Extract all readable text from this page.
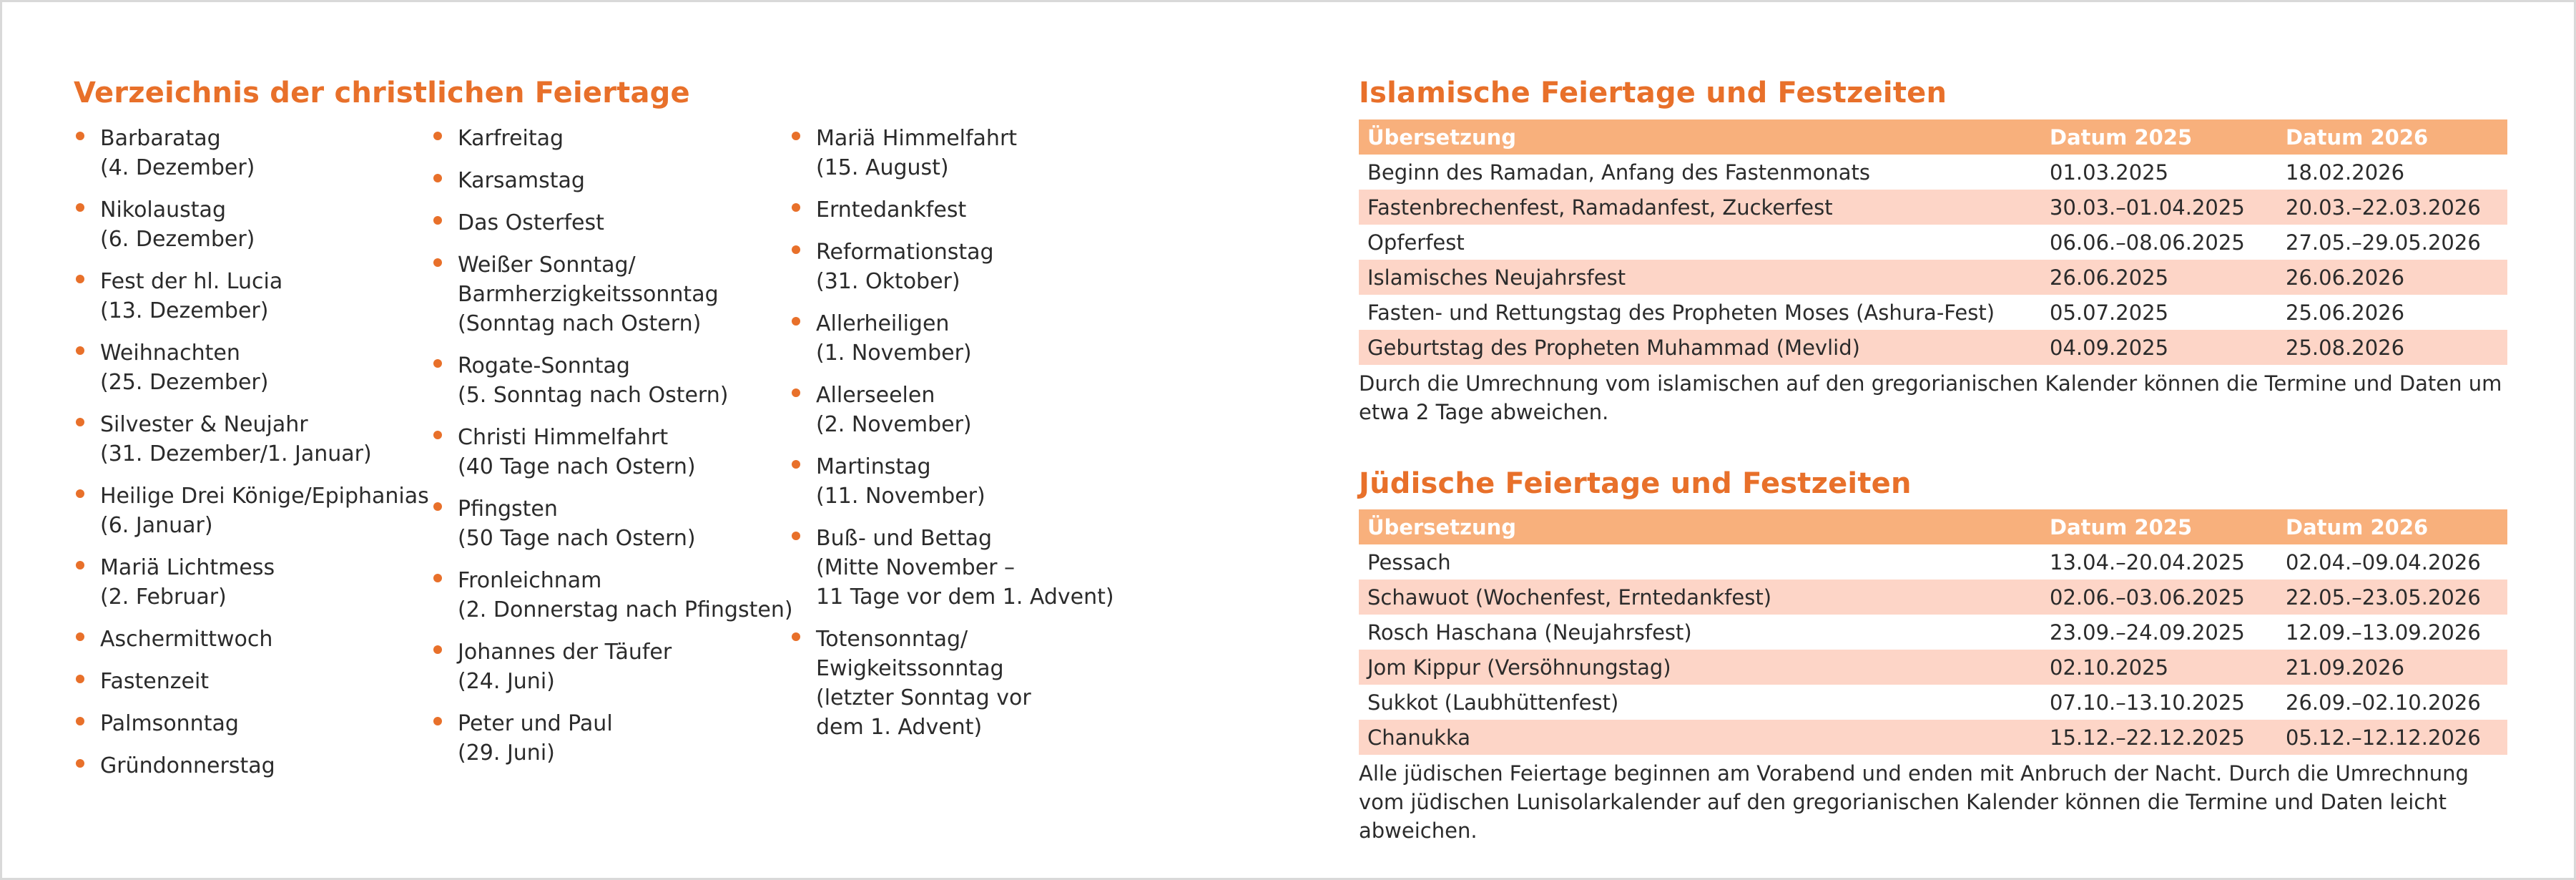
Verzeichnis der christlichen Feiertage
Barbaratag
(4. Dezember)
Nikolaustag
(6. Dezember)
Fest der hl. Lucia
(13. Dezember)
Weihnachten
(25. Dezember)
Silvester & Neujahr
(31. Dezember/1. Januar)
Heilige Drei Könige/Epiphanias
(6. Januar)
Mariä Lichtmess
(2. Februar)
Aschermittwoch
Fastenzeit
Palmsonntag
Gründonnerstag
Karfreitag
Karsamstag
Das Osterfest
Weißer Sonntag/
Barmherzigkeitssonntag
(Sonntag nach Ostern)
Rogate-Sonntag
(5. Sonntag nach Ostern)
Christi Himmelfahrt
(40 Tage nach Ostern)
Pfingsten
(50 Tage nach Ostern)
Fronleichnam
(2. Donnerstag nach Pfingsten)
Johannes der Täufer
(24. Juni)
Peter und Paul
(29. Juni)
Mariä Himmelfahrt
(15. August)
Erntedankfest
Reformationstag
(31. Oktober)
Allerheiligen
(1. November)
Allerseelen
(2. November)
Martinstag
(11. November)
Buß- und Bettag
(Mitte November –
11 Tage vor dem 1. Advent)
Totensonntag/
Ewigkeitssonntag
(letzter Sonntag vor
dem 1. Advent)
Islamische Feiertage und Festzeiten
Übersetzung	Datum 2025	Datum 2026
Beginn des Ramadan, Anfang des Fastenmonats	01.03.2025	18.02.2026
Fastenbrechenfest, Ramadanfest, Zuckerfest	30.03.–01.04.2025	20.03.–22.03.2026
Opferfest	06.06.–08.06.2025	27.05.–29.05.2026
Islamisches Neujahrsfest	26.06.2025	26.06.2026
Fasten- und Rettungstag des Propheten Moses (Ashura-Fest)	05.07.2025	25.06.2026
Geburtstag des Propheten Muhammad (Mevlid)	04.09.2025	25.08.2026

Durch die Umrechnung vom islamischen auf den gregorianischen Kalender können die Termine und Daten um etwa 2 Tage abweichen.

Jüdische Feiertage und Festzeiten
Übersetzung	Datum 2025	Datum 2026
Pessach	13.04.–20.04.2025	02.04.–09.04.2026
Schawuot (Wochenfest, Erntedankfest)	02.06.–03.06.2025	22.05.–23.05.2026
Rosch Haschana (Neujahrsfest)	23.09.–24.09.2025	12.09.–13.09.2026
Jom Kippur (Versöhnungstag)	02.10.2025	21.09.2026
Sukkot (Laubhüttenfest)	07.10.–13.10.2025	26.09.–02.10.2026
Chanukka	15.12.–22.12.2025	05.12.–12.12.2026

Alle jüdischen Feiertage beginnen am Vorabend und enden mit Anbruch der Nacht. Durch die Umrechnung vom jüdischen Lunisolarkalender auf den gregorianischen Kalender können die Termine und Daten leicht abweichen.
